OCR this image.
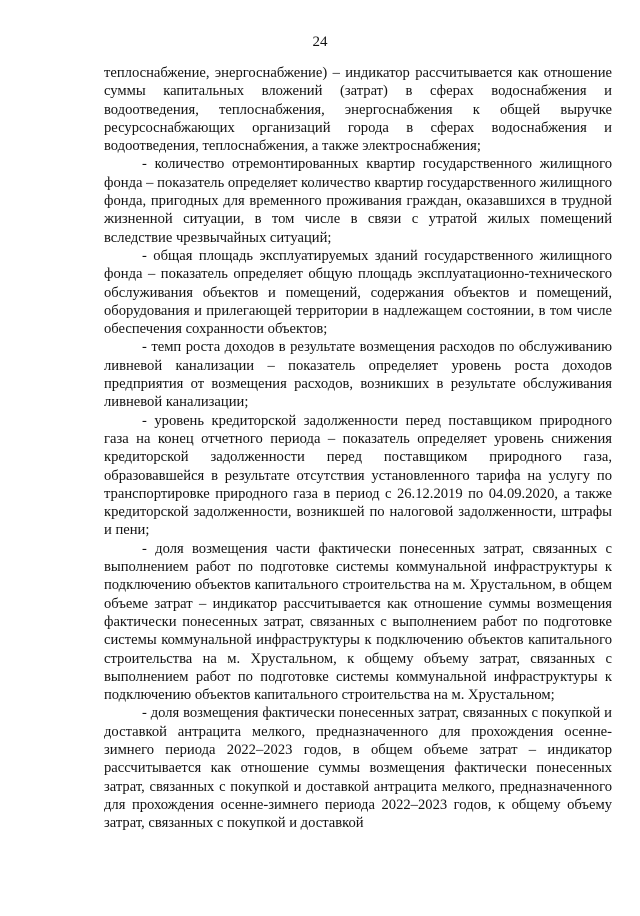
24

теплоснабжение, энергоснабжение) – индикатор рассчитывается как отношение суммы капитальных вложений (затрат) в сферах водоснабжения и водоотведения, теплоснабжения, энергоснабжения к общей выручке ресурсоснабжающих организаций города в сферах водоснабжения и водоотведения, теплоснабжения, а также электроснабжения;

- количество отремонтированных квартир государственного жилищного фонда – показатель определяет количество квартир государственного жилищного фонда, пригодных для временного проживания граждан, оказавшихся в трудной жизненной ситуации, в том числе в связи с утратой жилых помещений вследствие чрезвычайных ситуаций;

- общая площадь эксплуатируемых зданий государственного жилищного фонда – показатель определяет общую площадь эксплуатационно-технического обслуживания объектов и помещений, содержания объектов и помещений, оборудования и прилегающей территории в надлежащем состоянии, в том числе обеспечения сохранности объектов;

- темп роста доходов в результате возмещения расходов по обслуживанию ливневой канализации – показатель определяет уровень роста доходов предприятия от возмещения расходов, возникших в результате обслуживания ливневой канализации;

- уровень кредиторской задолженности перед поставщиком природного газа на конец отчетного периода – показатель определяет уровень снижения кредиторской задолженности перед поставщиком природного газа, образовавшейся в результате отсутствия установленного тарифа на услугу по транспортировке природного газа в период с 26.12.2019 по 04.09.2020, а также кредиторской задолженности, возникшей по налоговой задолженности, штрафы и пени;

- доля возмещения части фактически понесенных затрат, связанных с выполнением работ по подготовке системы коммунальной инфраструктуры к подключению объектов капитального строительства на м. Хрустальном, в общем объеме затрат – индикатор рассчитывается как отношение суммы возмещения фактически понесенных затрат, связанных с выполнением работ по подготовке системы коммунальной инфраструктуры к подключению объектов капитального строительства на м. Хрустальном, к общему объему затрат, связанных с выполнением работ по подготовке системы коммунальной инфраструктуры к подключению объектов капитального строительства на м. Хрустальном;

- доля возмещения фактически понесенных затрат, связанных с покупкой и доставкой антрацита мелкого, предназначенного для прохождения осенне-зимнего периода 2022–2023 годов, в общем объеме затрат – индикатор рассчитывается как отношение суммы возмещения фактически понесенных затрат, связанных с покупкой и доставкой антрацита мелкого, предназначенного для прохождения осенне-зимнего периода 2022–2023 годов, к общему объему затрат, связанных с покупкой и доставкой
